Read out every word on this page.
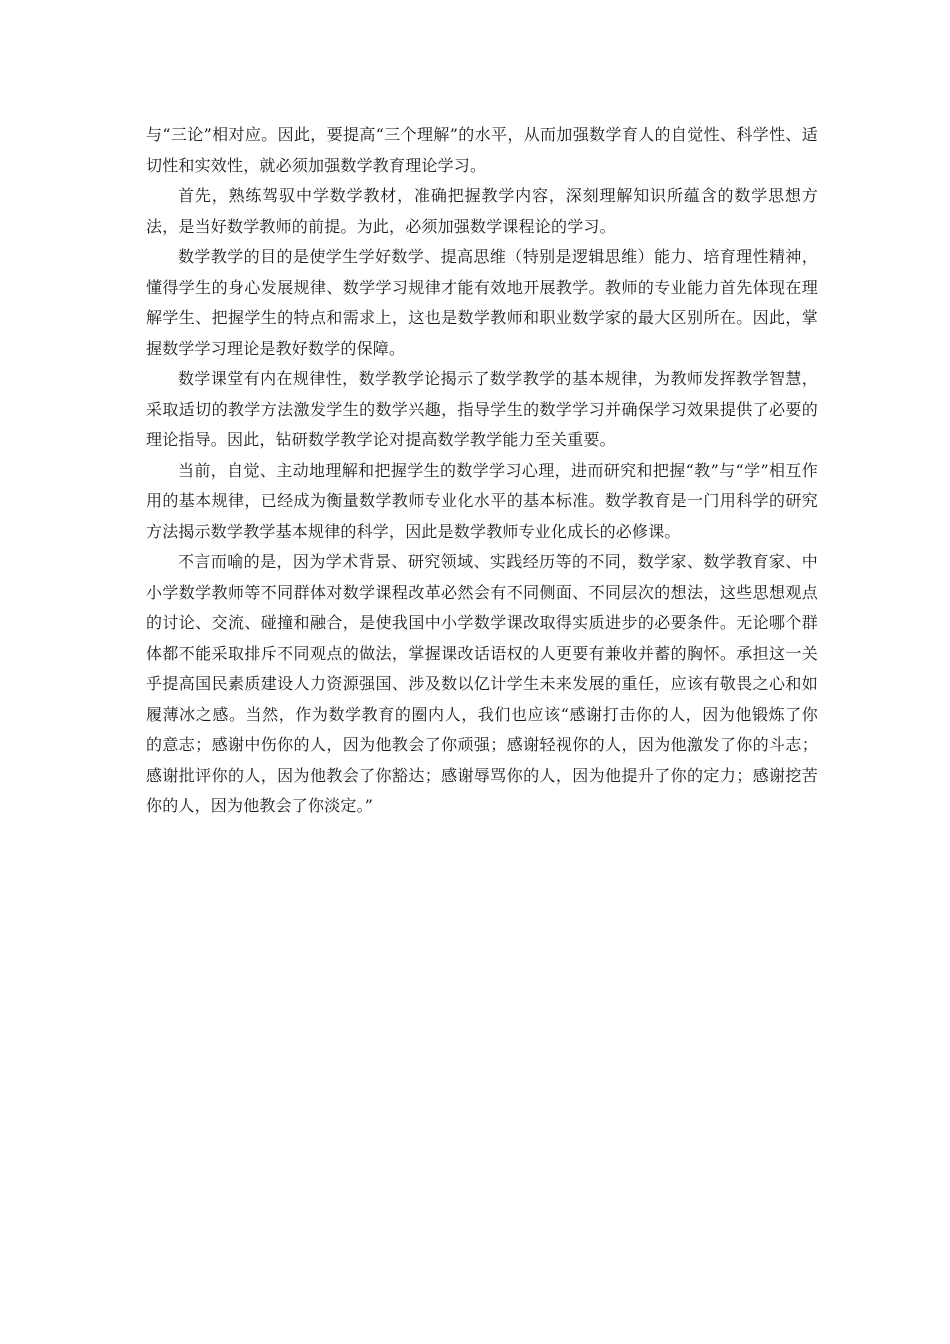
与“三论”相对应。因此，要提高“三个理解”的水平，从而加强数学育人的自觉性、科学性、适切性和实效性，就必须加强数学教育理论学习。

首先，熟练驾驭中学数学教材，准确把握教学内容，深刻理解知识所蕴含的数学思想方法，是当好数学教师的前提。为此，必须加强数学课程论的学习。

数学教学的目的是使学生学好数学、提高思维（特别是逻辑思维）能力、培育理性精神，懂得学生的身心发展规律、数学学习规律才能有效地开展教学。教师的专业能力首先体现在理解学生、把握学生的特点和需求上，这也是数学教师和职业数学家的最大区别所在。因此，掌握数学学习理论是教好数学的保障。

数学课堂有内在规律性，数学教学论揭示了数学教学的基本规律，为教师发挥教学智慧，采取适切的教学方法激发学生的数学兴趣，指导学生的数学学习并确保学习效果提供了必要的理论指导。因此，钻研数学教学论对提高数学教学能力至关重要。

当前，自觉、主动地理解和把握学生的数学学习心理，进而研究和把握“教”与“学”相互作用的基本规律，已经成为衡量数学教师专业化水平的基本标准。数学教育是一门用科学的研究方法揭示数学教学基本规律的科学，因此是数学教师专业化成长的必修课。

不言而喻的是，因为学术背景、研究领域、实践经历等的不同，数学家、数学教育家、中小学数学教师等不同群体对数学课程改革必然会有不同侧面、不同层次的想法，这些思想观点的讨论、交流、碰撞和融合，是使我国中小学数学课改取得实质进步的必要条件。无论哪个群体都不能采取排斥不同观点的做法，掌握课改话语权的人更要有兼收并蓄的胸怀。承担这一关乎提高国民素质建设人力资源强国、涉及数以亿计学生未来发展的重任，应该有敬畏之心和如履薄冰之感。当然，作为数学教育的圈内人，我们也应该“感谢打击你的人，因为他锻炼了你的意志；感谢中伤你的人，因为他教会了你顽强；感谢轻视你的人，因为他激发了你的斗志；感谢批评你的人，因为他教会了你豁达；感谢辱骂你的人，因为他提升了你的定力；感谢挖苦你的人，因为他教会了你淡定。”
